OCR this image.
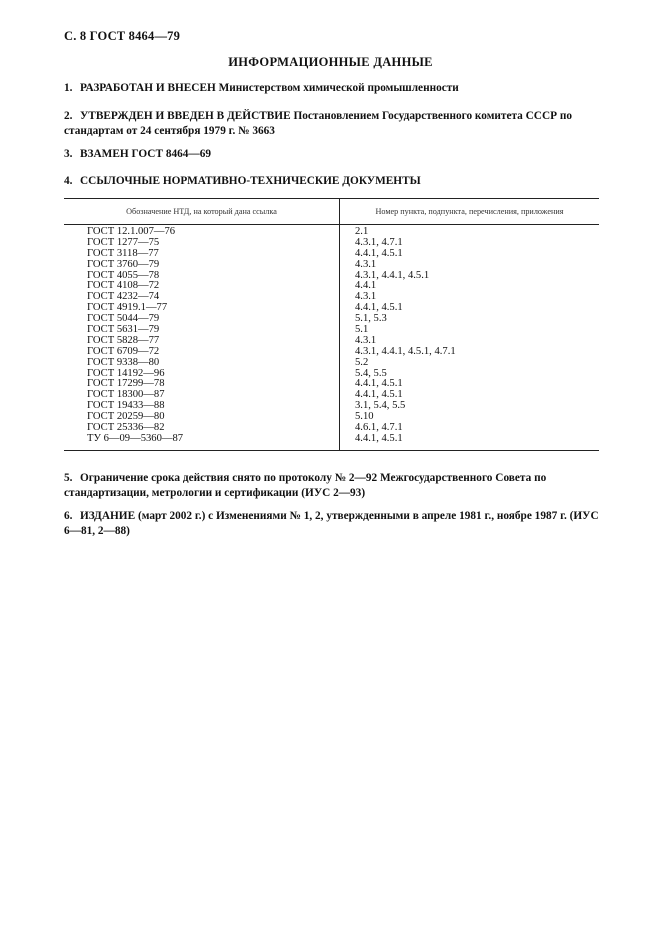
С. 8 ГОСТ 8464—79
ИНФОРМАЦИОННЫЕ ДАННЫЕ
1. РАЗРАБОТАН И ВНЕСЕН Министерством химической промышленности
2. УТВЕРЖДЕН И ВВЕДЕН В ДЕЙСТВИЕ Постановлением Государственного комитета СССР по стандартам от 24 сентября 1979 г. № 3663
3. ВЗАМЕН ГОСТ 8464—69
4. ССЫЛОЧНЫЕ НОРМАТИВНО-ТЕХНИЧЕСКИЕ ДОКУМЕНТЫ
Обозначение НТД, на который дана ссылка	Номер пункта, подпункта, перечисления, приложения
ГОСТ 12.1.007—76
ГОСТ 1277—75
ГОСТ 3118—77
ГОСТ 3760—79
ГОСТ 4055—78
ГОСТ 4108—72
ГОСТ 4232—74
ГОСТ 4919.1—77
ГОСТ 5044—79
ГОСТ 5631—79
ГОСТ 5828—77
ГОСТ 6709—72
ГОСТ 9338—80
ГОСТ 14192—96
ГОСТ 17299—78
ГОСТ 18300—87
ГОСТ 19433—88
ГОСТ 20259—80
ГОСТ 25336—82
ТУ 6—09—5360—87
2.1
4.3.1, 4.7.1
4.4.1, 4.5.1
4.3.1
4.3.1, 4.4.1, 4.5.1
4.4.1
4.3.1
4.4.1, 4.5.1
5.1, 5.3
5.1
4.3.1
4.3.1, 4.4.1, 4.5.1, 4.7.1
5.2
5.4, 5.5
4.4.1, 4.5.1
4.4.1, 4.5.1
3.1, 5.4, 5.5
5.10
4.6.1, 4.7.1
4.4.1, 4.5.1
5. Ограничение срока действия снято по протоколу № 2—92 Межгосударственного Совета по стандартизации, метрологии и сертификации (ИУС 2—93)
6. ИЗДАНИЕ (март 2002 г.) с Изменениями № 1, 2, утвержденными в апреле 1981 г., ноябре 1987 г. (ИУС 6—81, 2—88)
